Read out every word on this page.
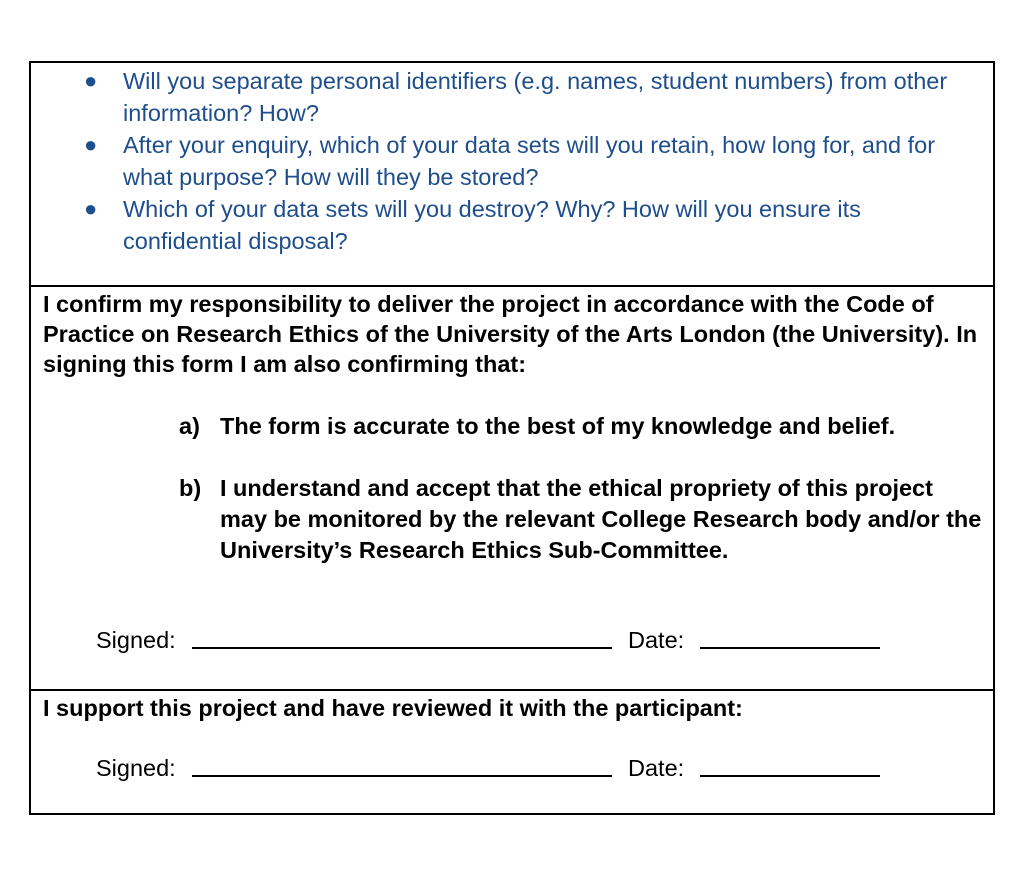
● Will you separate personal identifiers (e.g. names, student numbers) from other information? How?
● After your enquiry, which of your data sets will you retain, how long for, and for what purpose? How will they be stored?
● Which of your data sets will you destroy? Why? How will you ensure its confidential disposal?
I confirm my responsibility to deliver the project in accordance with the Code of Practice on Research Ethics of the University of the Arts London (the University). In signing this form I am also confirming that:
a) The form is accurate to the best of my knowledge and belief.
b) I understand and accept that the ethical propriety of this project may be monitored by the relevant College Research body and/or the University’s Research Ethics Sub-Committee.
Signed:	Date:
I support this project and have reviewed it with the participant:
Signed:	Date:
